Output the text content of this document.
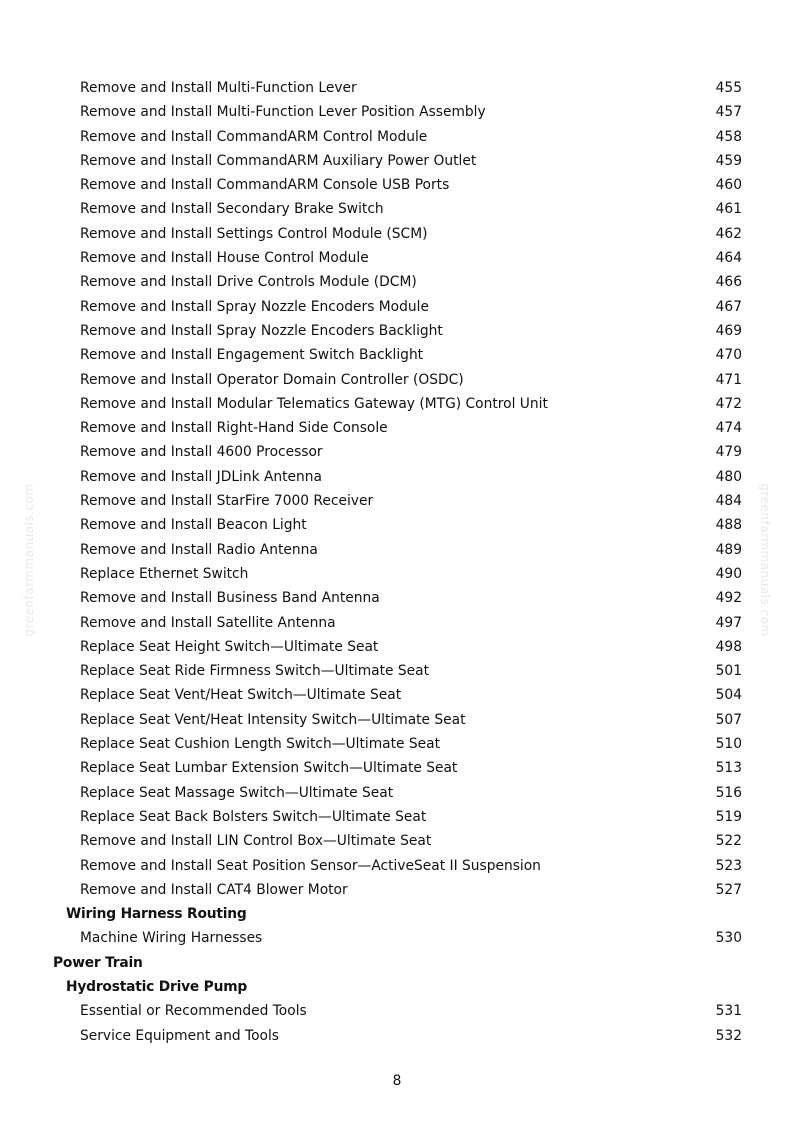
greenfarmmanuals.com	greenfarmmanuals.com
Remove and Install Multi-Function Lever	455
Remove and Install Multi-Function Lever Position Assembly	457
Remove and Install CommandARM Control Module	458
Remove and Install CommandARM Auxiliary Power Outlet	459
Remove and Install CommandARM Console USB Ports	460
Remove and Install Secondary Brake Switch	461
Remove and Install Settings Control Module (SCM)	462
Remove and Install House Control Module	464
Remove and Install Drive Controls Module (DCM)	466
Remove and Install Spray Nozzle Encoders Module	467
Remove and Install Spray Nozzle Encoders Backlight	469
Remove and Install Engagement Switch Backlight	470
Remove and Install Operator Domain Controller (OSDC)	471
Remove and Install Modular Telematics Gateway (MTG) Control Unit	472
Remove and Install Right-Hand Side Console	474
Remove and Install 4600 Processor	479
Remove and Install JDLink Antenna	480
Remove and Install StarFire 7000 Receiver	484
Remove and Install Beacon Light	488
Remove and Install Radio Antenna	489
Replace Ethernet Switch	490
Remove and Install Business Band Antenna	492
Remove and Install Satellite Antenna	497
Replace Seat Height Switch—Ultimate Seat	498
Replace Seat Ride Firmness Switch—Ultimate Seat	501
Replace Seat Vent/Heat Switch—Ultimate Seat	504
Replace Seat Vent/Heat Intensity Switch—Ultimate Seat	507
Replace Seat Cushion Length Switch—Ultimate Seat	510
Replace Seat Lumbar Extension Switch—Ultimate Seat	513
Replace Seat Massage Switch—Ultimate Seat	516
Replace Seat Back Bolsters Switch—Ultimate Seat	519
Remove and Install LIN Control Box—Ultimate Seat	522
Remove and Install Seat Position Sensor—ActiveSeat II Suspension	523
Remove and Install CAT4 Blower Motor	527
Wiring Harness Routing
Machine Wiring Harnesses	530
Power Train
Hydrostatic Drive Pump
Essential or Recommended Tools	531
Service Equipment and Tools	532
8
